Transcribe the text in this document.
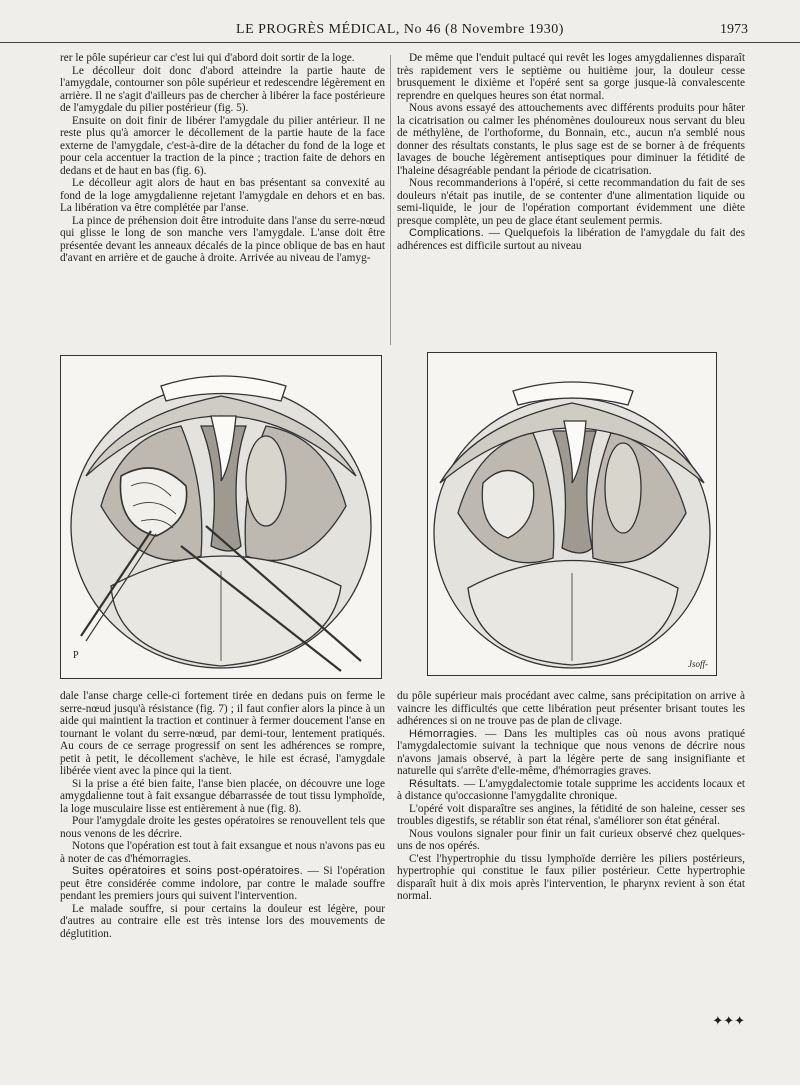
LE PROGRÈS MÉDICAL, No 46 (8 Novembre 1930)	1973

rer le pôle supérieur car c'est lui qui d'abord doit sortir de la loge.

Le décolleur doit donc d'abord atteindre la partie haute de l'amygdale, contourner son pôle supérieur et redescendre légèrement en arrière. Il ne s'agit d'ailleurs pas de chercher à libérer la face postérieure de l'amygdale du pilier postérieur (fig. 5).

Ensuite on doit finir de libérer l'amygdale du pilier antérieur. Il ne reste plus qu'à amorcer le décollement de la partie haute de la face externe de l'amygdale, c'est-à-dire de la détacher du fond de la loge et pour cela accentuer la traction de la pince ; traction faite de dehors en dedans et de haut en bas (fig. 6).

Le décolleur agit alors de haut en bas présentant sa convexité au fond de la loge amygdalienne rejetant l'amygdale en dehors et en bas. La libération va être complétée par l'anse.

La pince de préhension doit être introduite dans l'anse du serre-nœud qui glisse le long de son manche vers l'amygdale. L'anse doit être présentée devant les anneaux décalés de la pince oblique de bas en haut d'avant en arrière et de gauche à droite. Arrivée au niveau de l'amyg-

De même que l'enduit pultacé qui revêt les loges amygdaliennes disparaît très rapidement vers le septième ou huitième jour, la douleur cesse brusquement le dixième et l'opéré sent sa gorge jusque-là convalescente reprendre en quelques heures son état normal.

Nous avons essayé des attouchements avec différents produits pour hâter la cicatrisation ou calmer les phénomènes douloureux nous servant du bleu de méthylène, de l'orthoforme, du Bonnain, etc., aucun n'a semblé nous donner des résultats constants, le plus sage est de se borner à de fréquents lavages de bouche légèrement antiseptiques pour diminuer la fétidité de l'haleine désagréable pendant la période de cicatrisation.

Nous recommanderions à l'opéré, si cette recommandation du fait de ses douleurs n'était pas inutile, de se contenter d'une alimentation liquide ou semi-liquide, le jour de l'opération comportant évidemment une diète presque complète, un peu de glace étant seulement permis.

Complications. — Quelquefois la libération de l'amygdale du fait des adhérences est difficile surtout au niveau

P
Jsoff-

dale l'anse charge celle-ci fortement tirée en dedans puis on ferme le serre-nœud jusqu'à résistance (fig. 7) ; il faut confier alors la pince à un aide qui maintient la traction et continuer à fermer doucement l'anse en tournant le volant du serre-nœud, par demi-tour, lentement pratiqués. Au cours de ce serrage progressif on sent les adhérences se rompre, petit à petit, le décollement s'achève, le hile est écrasé, l'amygdale libérée vient avec la pince qui la tient.

Si la prise a été bien faite, l'anse bien placée, on découvre une loge amygdalienne tout à fait exsangue débarrassée de tout tissu lymphoïde, la loge musculaire lisse est entièrement à nue (fig. 8).

Pour l'amygdale droite les gestes opératoires se renouvellent tels que nous venons de les décrire.

Notons que l'opération est tout à fait exsangue et nous n'avons pas eu à noter de cas d'hémorragies.

Suites opératoires et soins post-opératoires. — Si l'opération peut être considérée comme indolore, par contre le malade souffre pendant les premiers jours qui suivent l'intervention.

Le malade souffre, si pour certains la douleur est légère, pour d'autres au contraire elle est très intense lors des mouvements de déglutition.

du pôle supérieur mais procédant avec calme, sans précipitation on arrive à vaincre les difficultés que cette libération peut présenter brisant toutes les adhérences si on ne trouve pas de plan de clivage.

Hémorragies. — Dans les multiples cas où nous avons pratiqué l'amygdalectomie suivant la technique que nous venons de décrire nous n'avons jamais observé, à part la légère perte de sang insignifiante et naturelle qui s'arrête d'elle-même, d'hémorragies graves.

Résultats. — L'amygdalectomie totale supprime les accidents locaux et à distance qu'occasionne l'amygdalite chronique.

L'opéré voit disparaître ses angines, la fétidité de son haleine, cesser ses troubles digestifs, se rétablir son état rénal, s'améliorer son état général.

Nous voulons signaler pour finir un fait curieux observé chez quelques-uns de nos opérés.

C'est l'hypertrophie du tissu lymphoïde derrière les piliers postérieurs, hypertrophie qui constitue le faux pilier postérieur. Cette hypertrophie disparaît huit à dix mois après l'intervention, le pharynx revient à son état normal.

✦✦✦
